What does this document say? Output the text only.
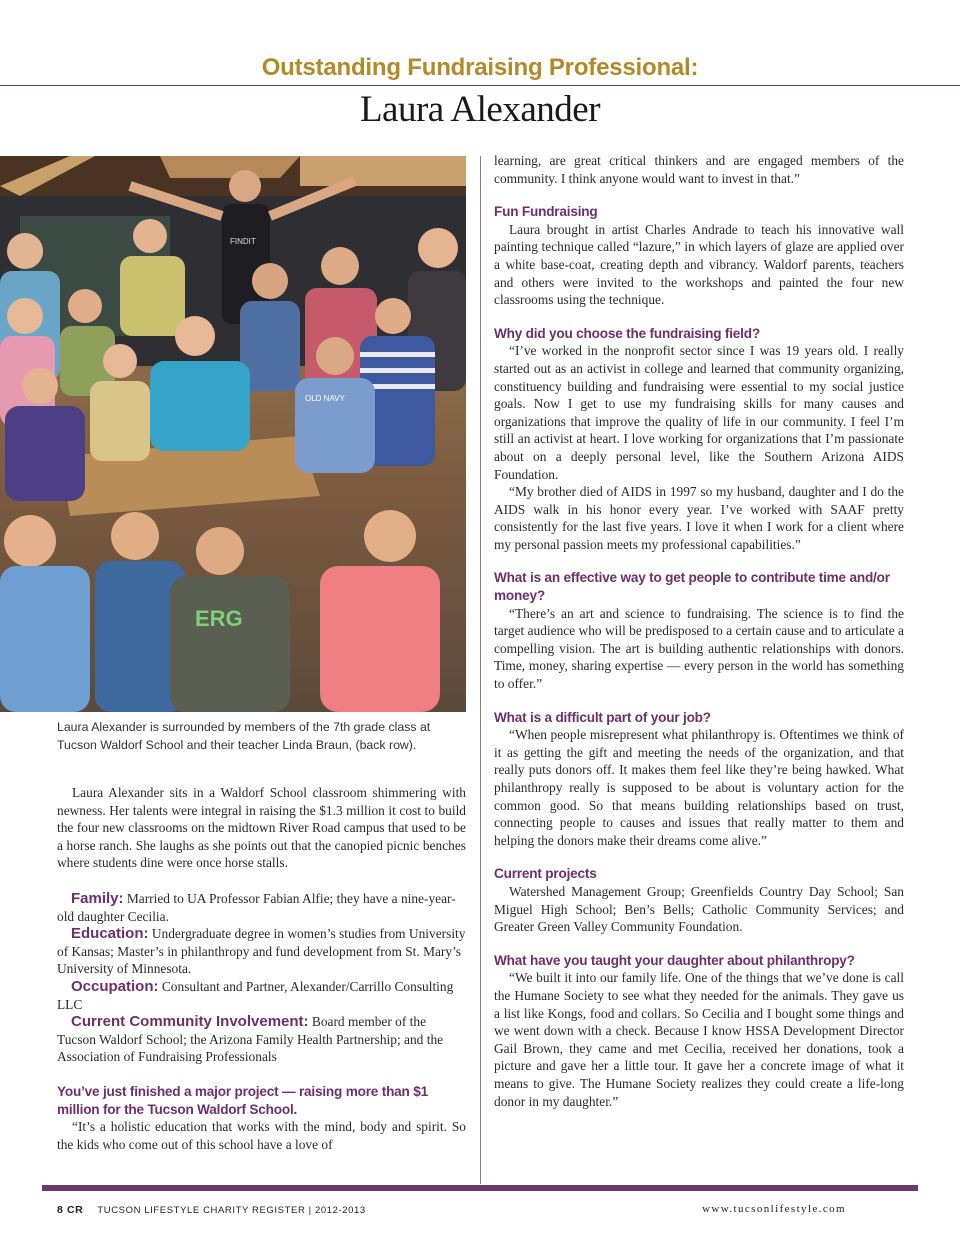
Outstanding Fundraising Professional:
Laura Alexander
FINDIT
OLD NAVY
ERG
Laura Alexander is surrounded by members of the 7th grade class at Tucson Waldorf School and their teacher Linda Braun, (back row).

Laura Alexander sits in a Waldorf School classroom shimmering with newness. Her talents were integral in raising the $1.3 million it cost to build the four new classrooms on the midtown River Road campus that used to be a horse ranch. She laughs as she points out that the canopied picnic benches where students dine were once horse stalls.

Family: Married to UA Professor Fabian Alfie; they have a nine-year-old daughter Cecilia.

Education: Undergraduate degree in women’s studies from University of Kansas; Master’s in philanthropy and fund development from St. Mary’s University of Minnesota.

Occupation: Consultant and Partner, Alexander/Carrillo Consulting LLC

Current Community Involvement: Board member of the Tucson Waldorf School; the Arizona Family Health Partnership; and the Association of Fundraising Professionals

You’ve just finished a major project — raising more than $1 million for the Tucson Waldorf School.

“It’s a holistic education that works with the mind, body and spirit. So the kids who come out of this school have a love of

learning, are great critical thinkers and are engaged members of the community. I think anyone would want to invest in that.”

Fun Fundraising

Laura brought in artist Charles Andrade to teach his innovative wall painting technique called “lazure,” in which layers of glaze are applied over a white base-coat, creating depth and vibrancy. Waldorf parents, teachers and others were invited to the workshops and painted the four new classrooms using the technique.

Why did you choose the fundraising field?

“I’ve worked in the nonprofit sector since I was 19 years old. I really started out as an activist in college and learned that community organizing, constituency building and fundraising were essential to my social justice goals. Now I get to use my fundraising skills for many causes and organizations that improve the quality of life in our community. I feel I’m still an activist at heart. I love working for organizations that I’m passionate about on a deeply personal level, like the Southern Arizona AIDS Foundation.

“My brother died of AIDS in 1997 so my husband, daughter and I do the AIDS walk in his honor every year. I’ve worked with SAAF pretty consistently for the last five years. I love it when I work for a client where my personal passion meets my professional capabilities.”

What is an effective way to get people to contribute time and/or money?

“There’s an art and science to fundraising. The science is to find the target audience who will be predisposed to a certain cause and to articulate a compelling vision. The art is building authentic relationships with donors. Time, money, sharing expertise — every person in the world has something to offer.”

What is a difficult part of your job?

“When people misrepresent what philanthropy is. Oftentimes we think of it as getting the gift and meeting the needs of the organization, and that really puts donors off. It makes them feel like they’re being hawked. What philanthropy really is supposed to be about is voluntary action for the common good. So that means building relationships based on trust, connecting people to causes and issues that really matter to them and helping the donors make their dreams come alive.”

Current projects

Watershed Management Group; Greenfields Country Day School; San Miguel High School; Ben’s Bells; Catholic Community Services; and Greater Green Valley Community Foundation.

What have you taught your daughter about philanthropy?

“We built it into our family life. One of the things that we’ve done is call the Humane Society to see what they needed for the animals. They gave us a list like Kongs, food and collars. So Cecilia and I bought some things and we went down with a check. Because I know HSSA Development Director Gail Brown, they came and met Cecilia, received her donations, took a picture and gave her a little tour. It gave her a concrete image of what it means to give. The Humane Society realizes they could create a life-long donor in my daughter.”

8 CR TUCSON LIFESTYLE CHARITY REGISTER | 2012-2013	www.tucsonlifestyle.com
